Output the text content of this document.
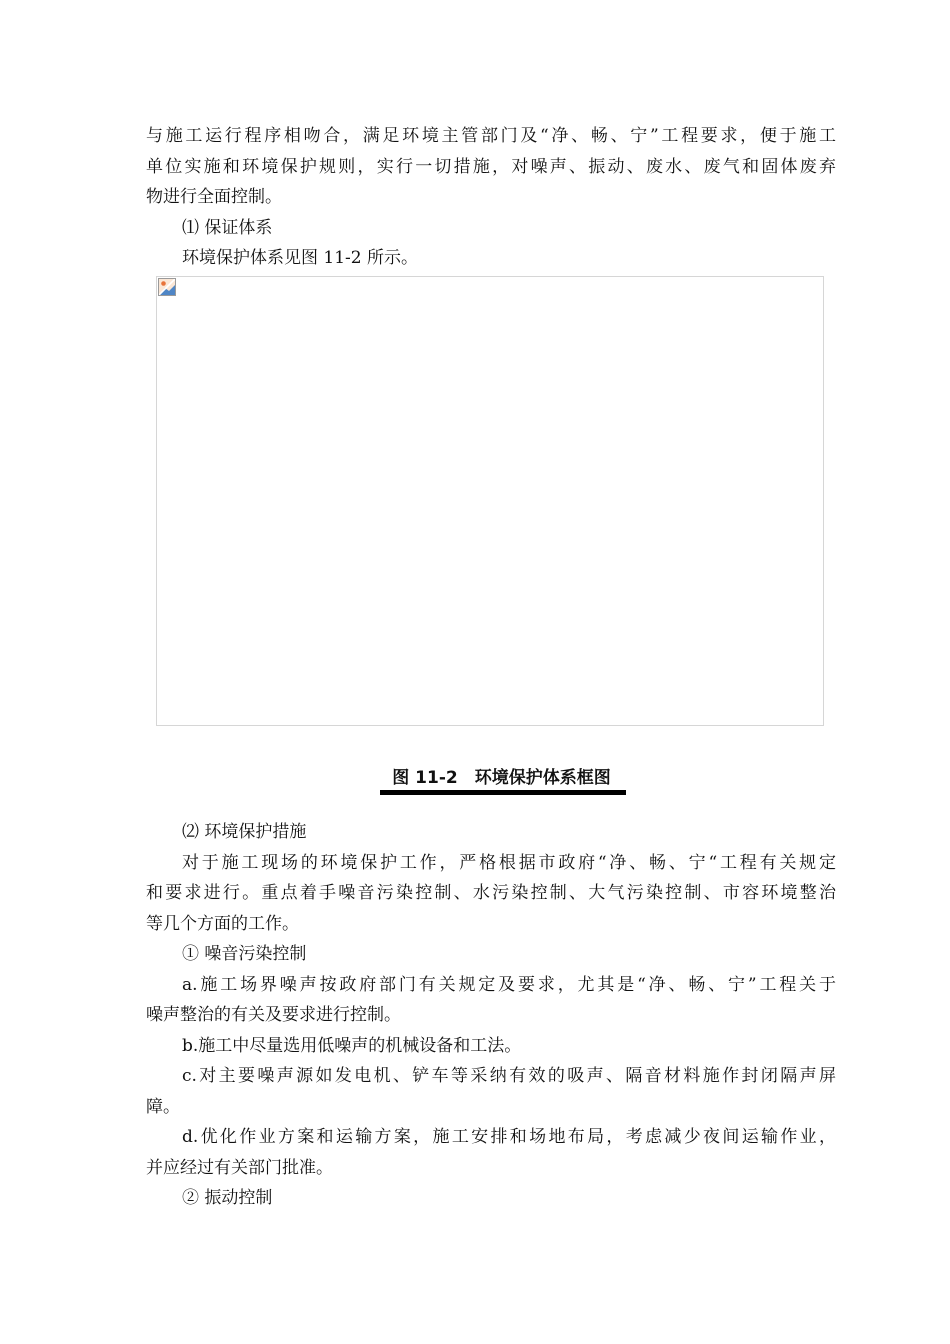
与施工运行程序相吻合，满足环境主管部门及“净、畅、宁”工程要求，便于施工
单位实施和环境保护规则，实行一切措施，对噪声、振动、废水、废气和固体废弃
物进行全面控制。
⑴ 保证体系
环境保护体系见图 11-2 所示。
图 11-2　环境保护体系框图
⑵ 环境保护措施
对于施工现场的环境保护工作，严格根据市政府“净、畅、宁“工程有关规定
和要求进行。重点着手噪音污染控制、水污染控制、大气污染控制、市容环境整治
等几个方面的工作。
① 噪音污染控制
a.施工场界噪声按政府部门有关规定及要求，尤其是“净、畅、宁”工程关于
噪声整治的有关及要求进行控制。
b.施工中尽量选用低噪声的机械设备和工法。
c.对主要噪声源如发电机、铲车等采纳有效的吸声、隔音材料施作封闭隔声屏
障。
d.优化作业方案和运输方案，施工安排和场地布局，考虑减少夜间运输作业，
并应经过有关部门批准。
② 振动控制
